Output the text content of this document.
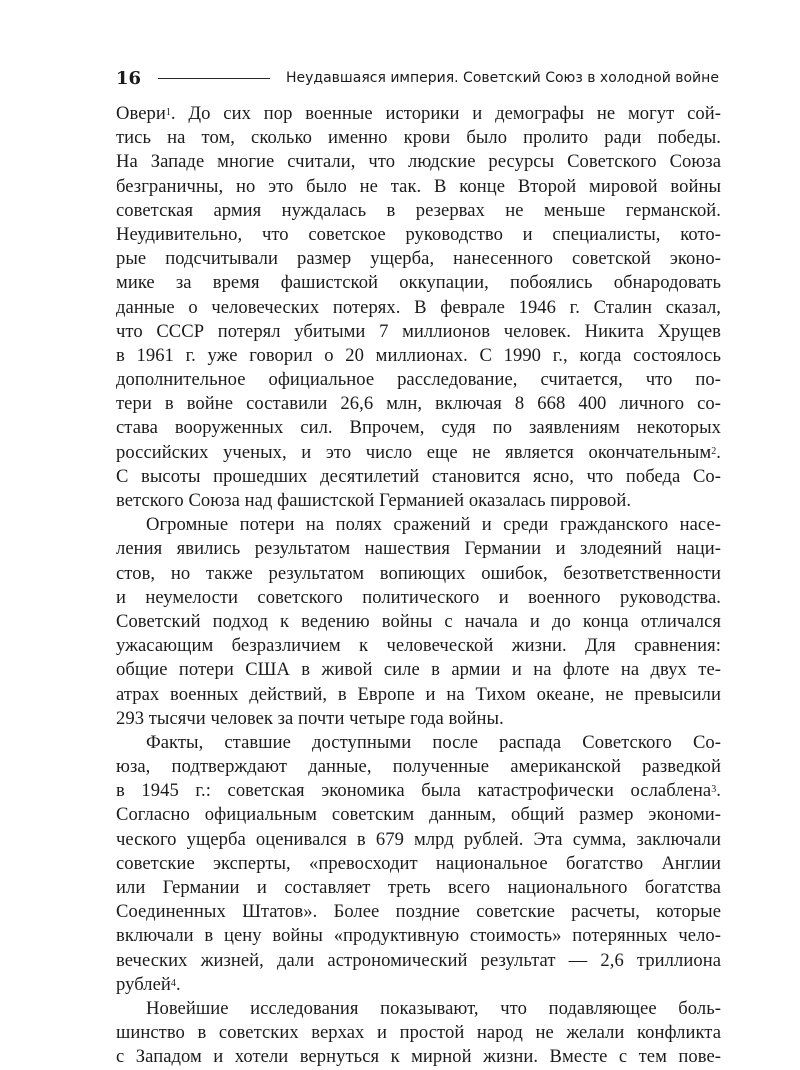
16	Неудавшаяся империя. Советский Союз в холодной войне
Овери$^1$. До сих пор военные историки и демографы не могут сой-
тись на том, сколько именно крови было пролито ради победы.
На Западе многие считали, что людские ресурсы Советского Союза
безграничны, но это было не так. В конце Второй мировой войны
советская армия нуждалась в резервах не меньше германской.
Неудивительно, что советское руководство и специалисты, кото-
рые подсчитывали размер ущерба, нанесенного советской эконо-
мике за время фашистской оккупации, побоялись обнародовать
данные о человеческих потерях. В феврале 1946 г. Сталин сказал,
что СССР потерял убитыми 7 миллионов человек. Никита Хрущев
в 1961 г. уже говорил о 20 миллионах. С 1990 г., когда состоялось
дополнительное официальное расследование, считается, что по-
тери в войне составили 26,6 млн, включая 8 668 400 личного со-
става вооруженных сил. Впрочем, судя по заявлениям некоторых
российских ученых, и это число еще не является окончательным$^2$.
С высоты прошедших десятилетий становится ясно, что победа Со-
ветского Союза над фашистской Германией оказалась пирровой.
Огромные потери на полях сражений и среди гражданского насе-
ления явились результатом нашествия Германии и злодеяний наци-
стов, но также результатом вопиющих ошибок, безответственности
и неумелости советского политического и военного руководства.
Советский подход к ведению войны с начала и до конца отличался
ужасающим безразличием к человеческой жизни. Для сравнения:
общие потери США в живой силе в армии и на флоте на двух те-
атрах военных действий, в Европе и на Тихом океане, не превысили
293 тысячи человек за почти четыре года войны.
Факты, ставшие доступными после распада Советского Со-
юза, подтверждают данные, полученные американской разведкой
в 1945 г.: советская экономика была катастрофически ослаблена$^3$.
Согласно официальным советским данным, общий размер экономи-
ческого ущерба оценивался в 679 млрд рублей. Эта сумма, заключали
советские эксперты, «превосходит национальное богатство Англии
или Германии и составляет треть всего национального богатства
Соединенных Штатов». Более поздние советские расчеты, которые
включали в цену войны «продуктивную стоимость» потерянных чело-
веческих жизней, дали астрономический результат — 2,6 триллиона
рублей$^4$.
Новейшие исследования показывают, что подавляющее боль-
шинство в советских верхах и простой народ не желали конфликта
с Западом и хотели вернуться к мирной жизни. Вместе с тем пове-
